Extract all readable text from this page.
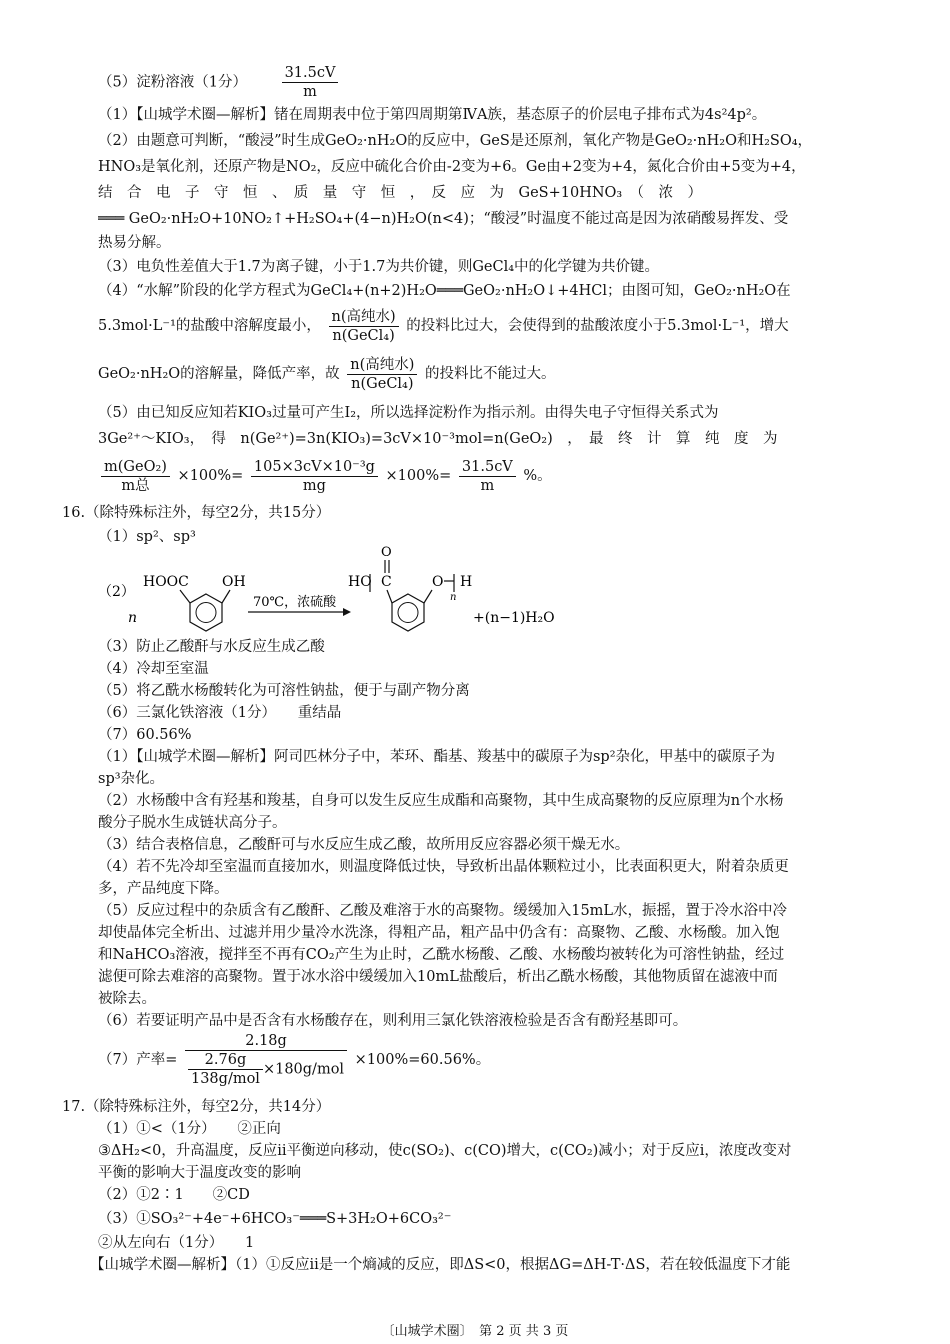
（5）淀粉溶液（1分） $\frac{31.5cV}{m}$
（1）【山城学术圈—解析】锗在周期表中位于第四周期第ⅣA族，基态原子的价层电子排布式为4s²4p²。
（2）由题意可判断，“酸浸”时生成GeO₂·nH₂O的反应中，GeS是还原剂，氧化产物是GeO₂·nH₂O和H₂SO₄，
HNO₃是氧化剂，还原产物是NO₂，反应中硫化合价由-2变为+6。Ge由+2变为+4，氮化合价由+5变为+4，
结　合　电　子　守　恒　、　质　量　守　恒　，　反　应　为　GeS+10HNO₃　（　浓　）
═══ GeO₂·nH₂O+10NO₂↑+H₂SO₄+(4−n)H₂O(n<4)；“酸浸”时温度不能过高是因为浓硝酸易挥发、受
热易分解。
（3）电负性差值大于1.7为离子键，小于1.7为共价键，则GeCl₄中的化学键为共价键。
（4）“水解”阶段的化学方程式为GeCl₄+(n+2)H₂O═══GeO₂·nH₂O↓+4HCl；由图可知，GeO₂·nH₂O在
5.3mol·L⁻¹的盐酸中溶解度最小， $\frac{\text{n(高纯水)}}{\text{n(GeCl₄)}}$ 的投料比过大，会使得到的盐酸浓度小于5.3mol·L⁻¹，增大
GeO₂·nH₂O的溶解量，降低产率，故 $\frac{\text{n(高纯水)}}{\text{n(GeCl₄)}}$ 的投料比不能过大。
（5）由已知反应知若KIO₃过量可产生I₂，所以选择淀粉作为指示剂。由得失电子守恒得关系式为
3Ge²⁺～KIO₃，　得　n(Ge²⁺)=3n(KIO₃)=3cV×10⁻³mol=n(GeO₂)　，　最　终　计　算　纯　度　为
$\frac{\text{m(GeO₂)}}{\text{m总}} \times 100\%= \frac{\text{105×3cV×10⁻³g}}{mg} \times 100\%= \frac{31.5cV}{m}$ %。
16.（除特殊标注外，每空2分，共15分）
（1）sp²、sp³
（2）
n
HOOC OH
70℃，浓硫酸
HO C
O
O
n
H
+(n−1)H₂O
（3）防止乙酸酐与水反应生成乙酸
（4）冷却至室温
（5）将乙酰水杨酸转化为可溶性钠盐，便于与副产物分离
（6）三氯化铁溶液（1分）　　重结晶
（7）60.56%
（1）【山城学术圈—解析】阿司匹林分子中，苯环、酯基、羧基中的碳原子为sp²杂化，甲基中的碳原子为
sp³杂化。
（2）水杨酸中含有羟基和羧基，自身可以发生反应生成酯和高聚物，其中生成高聚物的反应原理为n个水杨
酸分子脱水生成链状高分子。
（3）结合表格信息，乙酸酐可与水反应生成乙酸，故所用反应容器必须干燥无水。
（4）若不先冷却至室温而直接加水，则温度降低过快，导致析出晶体颗粒过小，比表面积更大，附着杂质更
多，产品纯度下降。
（5）反应过程中的杂质含有乙酸酐、乙酸及难溶于水的高聚物。缓缓加入15mL水，振摇，置于冷水浴中冷
却使晶体完全析出、过滤并用少量冷水洗涤，得粗产品，粗产品中仍含有：高聚物、乙酸、水杨酸。加入饱
和NaHCO₃溶液，搅拌至不再有CO₂产生为止时，乙酰水杨酸、乙酸、水杨酸均被转化为可溶性钠盐，经过
滤便可除去难溶的高聚物。置于冰水浴中缓缓加入10mL盐酸后，析出乙酰水杨酸，其他物质留在滤液中而
被除去。
（6）若要证明产品中是否含有水杨酸存在，则利用三氯化铁溶液检验是否含有酚羟基即可。
（7）产率= $\frac{2.18g}{\frac{2.76g}{\text{138g/mol}} \times 180g/mol} \times 100\%=60.56\%$。
17.（除特殊标注外，每空2分，共14分）
（1）①<（1分）　　②正向
③ΔH₂<0，升高温度，反应ⅱ平衡逆向移动，使c(SO₂)、c(CO)增大，c(CO₂)减小；对于反应ⅰ，浓度改变对
平衡的影响大于温度改变的影响
（2）①2∶1　　②CD
（3）①SO₃²⁻+4e⁻+6HCO₃⁻═══S+3H₂O+6CO₃²⁻
②从左向右（1分）　　1
【山城学术圈—解析】（1）①反应ⅱ是一个熵减的反应，即ΔS<0，根据ΔG=ΔH-T·ΔS，若在较低温度下才能
〔山城学术圈〕　第 2 页 共 3 页
